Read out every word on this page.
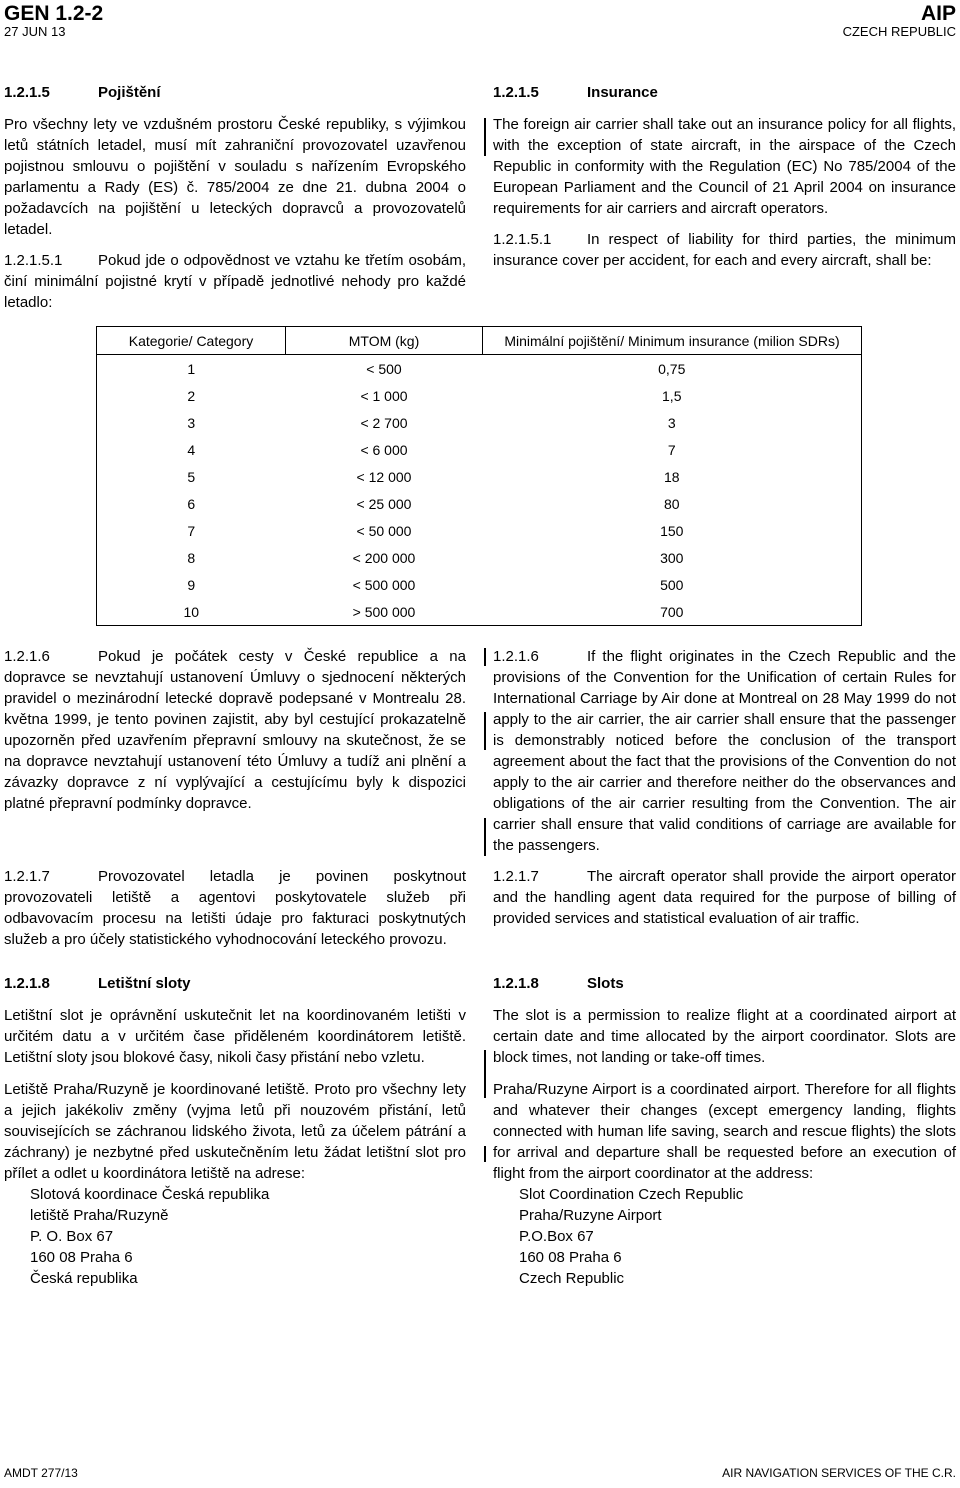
GEN 1.2-2
27 JUN 13
AIP
CZECH REPUBLIC
1.2.1.5	Pojištění

Pro všechny lety ve vzdušném prostoru České republiky, s výjimkou letů státních letadel, musí mít zahraniční provozovatel uzavřenou pojistnou smlouvu o pojištění v souladu s nařízením Evropského parlamentu a Rady (ES) č. 785/2004 ze dne 21. dubna 2004 o požadavcích na pojištění u leteckých dopravců a provozovatelů letadel.

1.2.1.5.1 Pokud jde o odpovědnost ve vztahu ke třetím osobám, činí minimální pojistné krytí v případě jednotlivé nehody pro každé letadlo:

1.2.1.5	Insurance

The foreign air carrier shall take out an insurance policy for all flights, with the exception of state aircraft, in the airspace of the Czech Republic in conformity with the Regulation (EC) No 785/2004 of the European Parliament and the Council of 21 April 2004 on insurance requirements for air carriers and aircraft operators.

1.2.1.5.1 In respect of liability for third parties, the minimum insurance cover per accident, for each and every aircraft, shall be:

Kategorie/ Category	MTOM (kg)	Minimální pojištění/ Minimum insurance (milion SDRs)
1	< 500	0,75
2	< 1 000	1,5
3	< 2 700	3
4	< 6 000	7
5	< 12 000	18
6	< 25 000	80
7	< 50 000	150
8	< 200 000	300
9	< 500 000	500
10	> 500 000	700

1.2.1.6	Pokud je počátek cesty v České republice a na dopravce se nevztahují ustanovení Úmluvy o sjednocení některých pravidel o mezinárodní letecké dopravě podepsané v Montrealu 28. května 1999, je tento povinen zajistit, aby byl cestující prokazatelně upozorněn před uzavřením přepravní smlouvy na skutečnost, že se na dopravce nevztahují ustanovení této Úmluvy a tudíž ani plnění a závazky dopravce z ní vyplývající a cestujícímu byly k dispozici platné přepravní podmínky dopravce.

1.2.1.7	Provozovatel letadla je povinen poskytnout provozovateli letiště a agentovi poskytovatele služeb při odbavovacím procesu na letišti údaje pro fakturaci poskytnutých služeb a pro účely statistického vyhodnocování leteckého provozu.

1.2.1.8	Letištní sloty

Letištní slot je oprávnění uskutečnit let na koordinovaném letišti v určitém datu a v určitém čase přiděleném koordinátorem letiště. Letištní sloty jsou blokové časy, nikoli časy přistání nebo vzletu.

Letiště Praha/Ruzyně je koordinované letiště. Proto pro všechny lety a jejich jakékoliv změny (vyjma letů při nouzovém přistání, letů souvisejících se záchranou lidského života, letů za účelem pátrání a záchrany) je nezbytné před uskutečněním letu žádat letištní slot pro přílet a odlet u koordinátora letiště na adrese:

Slotová koordinace Česká republika
letiště Praha/Ruzyně
P. O. Box 67
160 08 Praha 6
Česká republika

1.2.1.6	If the flight originates in the Czech Republic and the provisions of the Convention for the Unification of certain Rules for International Carriage by Air done at Montreal on 28 May 1999 do not apply to the air carrier, the air carrier shall ensure that the passenger is demonstrably noticed before the conclusion of the transport agreement about the fact that the provisions of the Convention do not apply to the air carrier and therefore neither do the observances and obligations of the air carrier resulting from the Convention. The air carrier shall ensure that valid conditions of carriage are available for the passengers.

1.2.1.7	The aircraft operator shall provide the airport operator and the handling agent data required for the purpose of billing of provided services and statistical evaluation of air traffic.

1.2.1.8	Slots

The slot is a permission to realize flight at a coordinated airport at certain date and time allocated by the airport coordinator. Slots are block times, not landing or take-off times.

Praha/Ruzyne Airport is a coordinated airport. Therefore for all flights and whatever their changes (except emergency landing, flights connected with human life saving, search and rescue flights) the slots for arrival and departure shall be requested before an execution of flight from the airport coordinator at the address:

Slot Coordination Czech Republic
Praha/Ruzyne Airport
P.O.Box 67
160 08 Praha 6
Czech Republic
AMDT 277/13	AIR NAVIGATION SERVICES OF THE C.R.
